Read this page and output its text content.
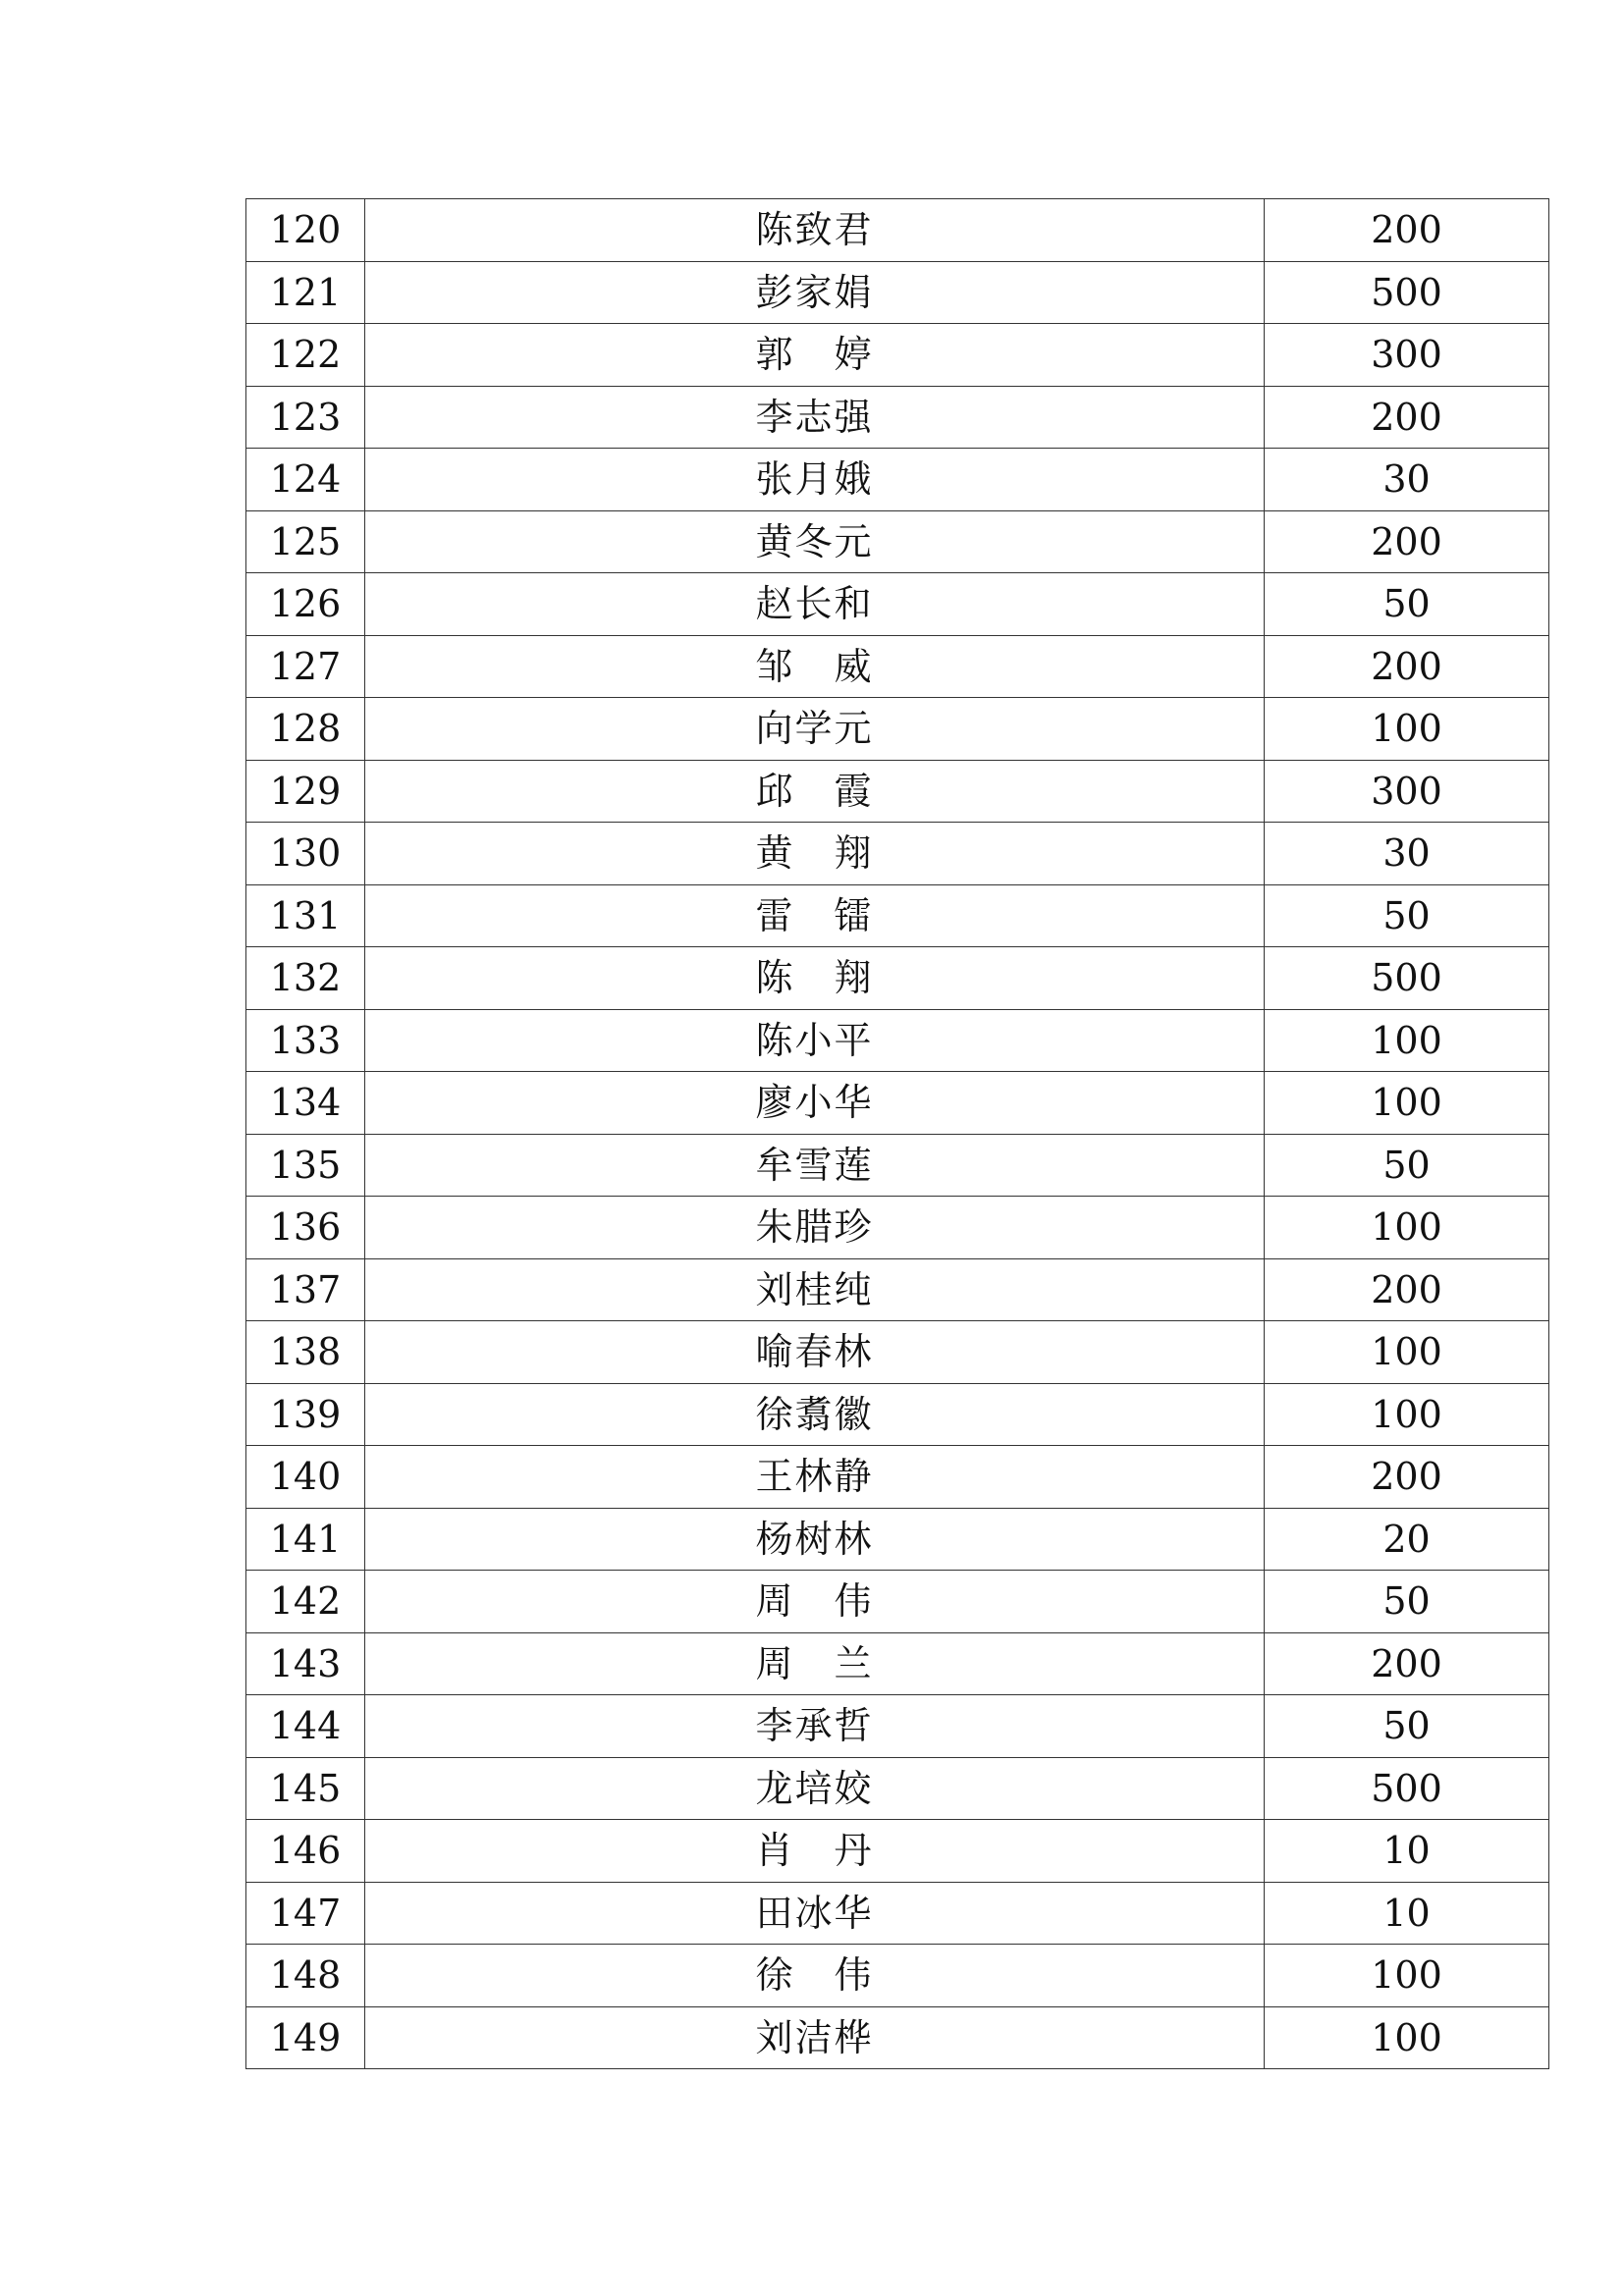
120	陈致君	200
121	彭家娟	500
122	郭　婷	300
123	李志强	200
124	张月娥	30
125	黄冬元	200
126	赵长和	50
127	邹　威	200
128	向学元	100
129	邱　霞	300
130	黄　翔	30
131	雷　镭	50
132	陈　翔	500
133	陈小平	100
134	廖小华	100
135	牟雪莲	50
136	朱腊珍	100
137	刘桂纯	200
138	喻春林	100
139	徐翥徽	100
140	王林静	200
141	杨树林	20
142	周　伟	50
143	周　兰	200
144	李承哲	50
145	龙培姣	500
146	肖　丹	10
147	田冰华	10
148	徐　伟	100
149	刘洁桦	100
